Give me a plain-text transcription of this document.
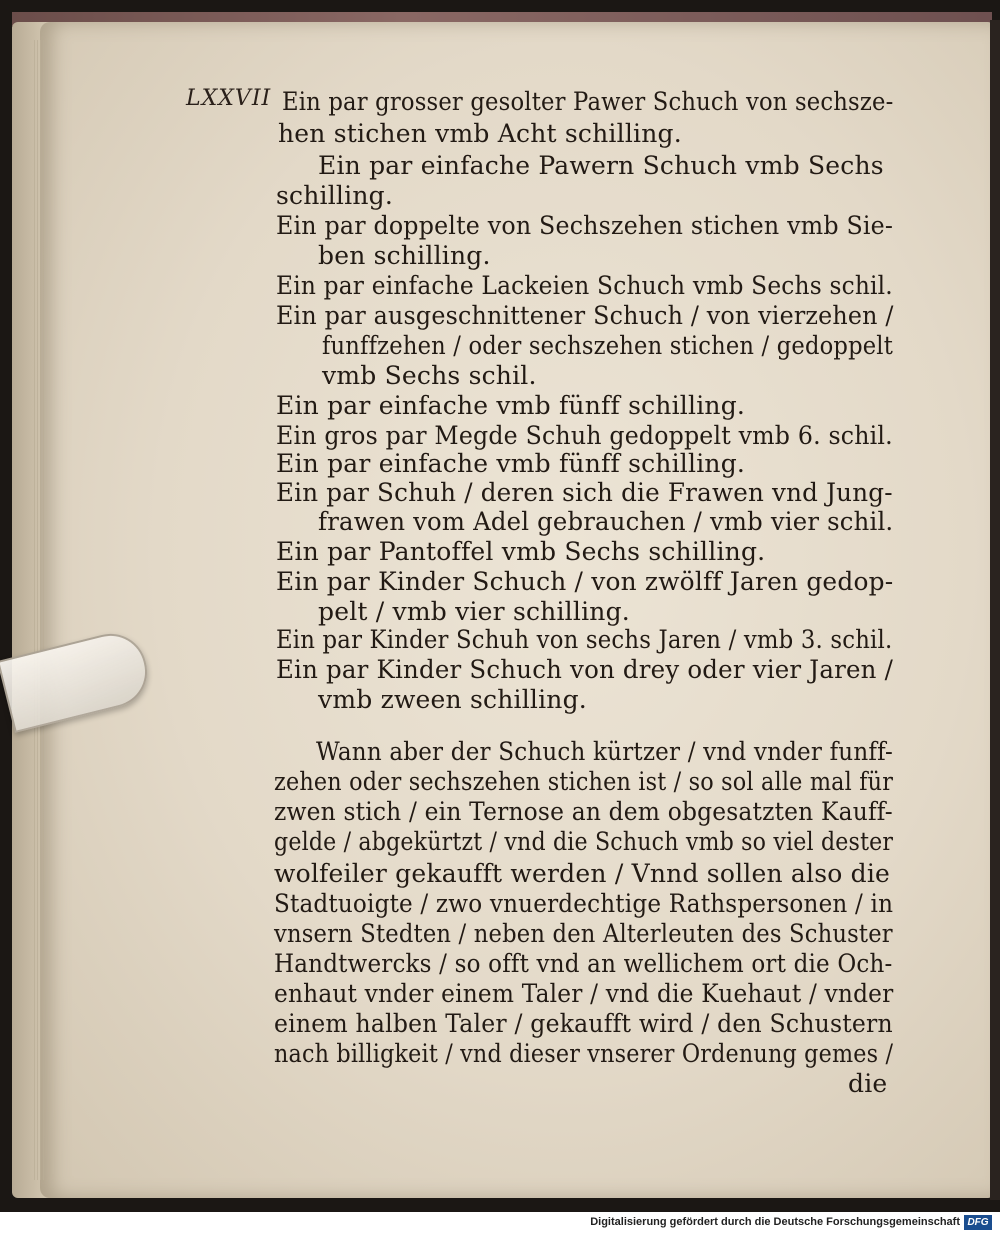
LXXVII Ein par grosser gesolter Pawer Schuch von sechsze-
hen stichen vmb Acht schilling.
Ein par einfache Pawern Schuch vmb Sechs
schilling.
Ein par doppelte von Sechszehen stichen vmb Sie-
ben schilling.
Ein par einfache Lackeien Schuch vmb Sechs schil.
Ein par ausgeschnittener Schuch / von vierzehen /
funffzehen / oder sechszehen stichen / gedoppelt
vmb Sechs schil.
Ein par einfache vmb fünff schilling.
Ein gros par Megde Schuh gedoppelt vmb 6. schil.
Ein par einfache vmb fünff schilling.
Ein par Schuh / deren sich die Frawen vnd Jung-
frawen vom Adel gebrauchen / vmb vier schil.
Ein par Pantoffel vmb Sechs schilling.
Ein par Kinder Schuch / von zwölff Jaren gedop-
pelt / vmb vier schilling.
Ein par Kinder Schuh von sechs Jaren / vmb 3. schil.
Ein par Kinder Schuch von drey oder vier Jaren /
vmb zween schilling.
Wann aber der Schuch kürtzer / vnd vnder funff-
zehen oder sechszehen stichen ist / so sol alle mal für
zwen stich / ein Ternose an dem obgesatzten Kauff-
gelde / abgekürtzt / vnd die Schuch vmb so viel dester
wolfeiler gekaufft werden / Vnnd sollen also die
Stadtuoigte / zwo vnuerdechtige Rathspersonen / in
vnsern Stedten / neben den Alterleuten des Schuster
Handtwercks / so offt vnd an wellichem ort die Och-
enhaut vnder einem Taler / vnd die Kuehaut / vnder
einem halben Taler / gekaufft wird / den Schustern
nach billigkeit / vnd dieser vnserer Ordenung gemes /
die
Digitalisierung gefördert durch die Deutsche Forschungsgemeinschaft DFG
